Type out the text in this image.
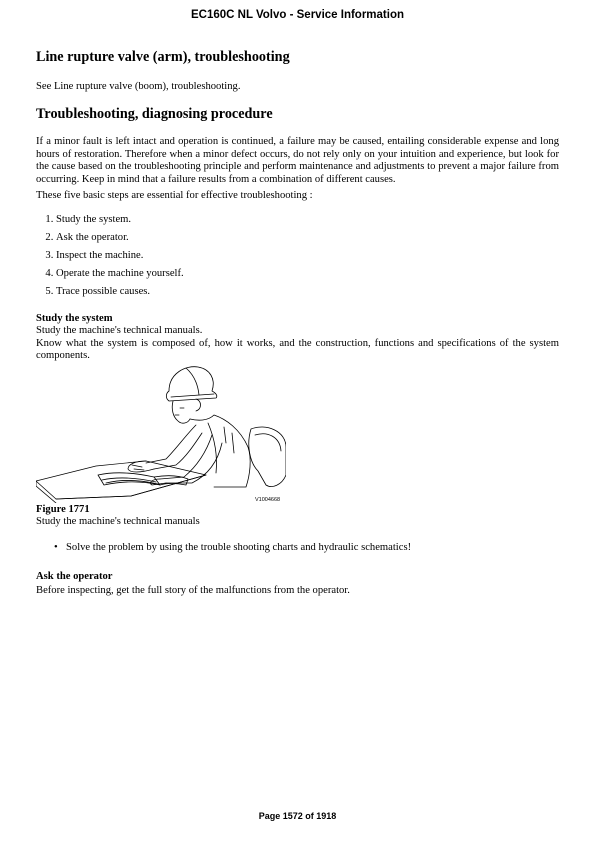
EC160C NL Volvo - Service Information
Line rupture valve (arm), troubleshooting

See Line rupture valve (boom), troubleshooting.

Troubleshooting, diagnosing procedure

If a minor fault is left intact and operation is continued, a failure may be caused, entailing considerable expense and long hours of restoration. Therefore when a minor defect occurs, do not rely only on your intuition and experience, but look for the cause based on the troubleshooting principle and perform maintenance and adjustments to prevent a major failure from occurring. Keep in mind that a failure results from a combination of different causes.

These five basic steps are essential for effective troubleshooting :

1. Study the system.
2. Ask the operator.
3. Inspect the machine.
4. Operate the machine yourself.
5. Trace possible causes.
Study the system

Study the machine's technical manuals.

Know what the system is composed of, how it works, and the construction, functions and specifications of the system components.

V1004668
Figure 1771

Study the machine's technical manuals

• Solve the problem by using the trouble shooting charts and hydraulic schematics!
Ask the operator

Before inspecting, get the full story of the malfunctions from the operator.

Page 1572 of 1918
